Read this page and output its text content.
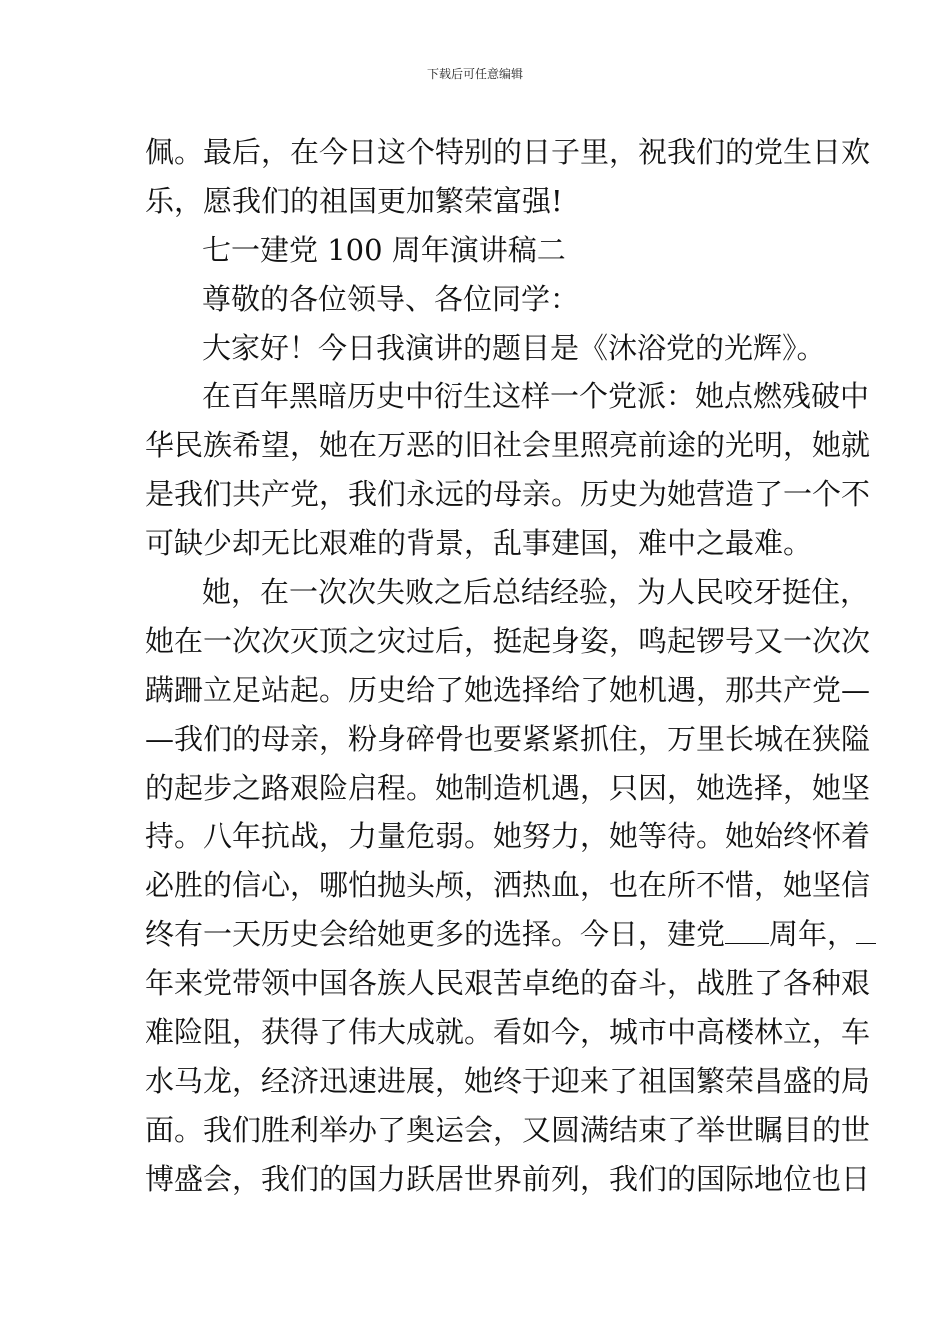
下载后可任意编辑
佩。最后，在今日这个特别的日子里，祝我们的党生日欢
乐，愿我们的祖国更加繁荣富强!
七一建党 100 周年演讲稿二
尊敬的各位领导、各位同学：
大家好！今日我演讲的题目是《沐浴党的光辉》。
在百年黑暗历史中衍生这样一个党派：她点燃残破中
华民族希望，她在万恶的旧社会里照亮前途的光明，她就
是我们共产党，我们永远的母亲。历史为她营造了一个不
可缺少却无比艰难的背景，乱事建国，难中之最难。
她，在一次次失败之后总结经验，为人民咬牙挺住，
她在一次次灭顶之灾过后，挺起身姿，鸣起锣号又一次次
蹒跚立足站起。历史给了她选择给了她机遇，那共产党—
—我们的母亲，粉身碎骨也要紧紧抓住，万里长城在狭隘
的起步之路艰险启程。她制造机遇，只因，她选择，她坚
持。八年抗战，力量危弱。她努力，她等待。她始终怀着
必胜的信心，哪怕抛头颅，洒热血，也在所不惜，她坚信
终有一天历史会给她更多的选择。今日，建党 周年，
年来党带领中国各族人民艰苦卓绝的奋斗，战胜了各种艰
难险阻，获得了伟大成就。看如今，城市中高楼林立，车
水马龙，经济迅速进展，她终于迎来了祖国繁荣昌盛的局
面。我们胜利举办了奥运会，又圆满结束了举世瞩目的世
博盛会，我们的国力跃居世界前列，我们的国际地位也日
